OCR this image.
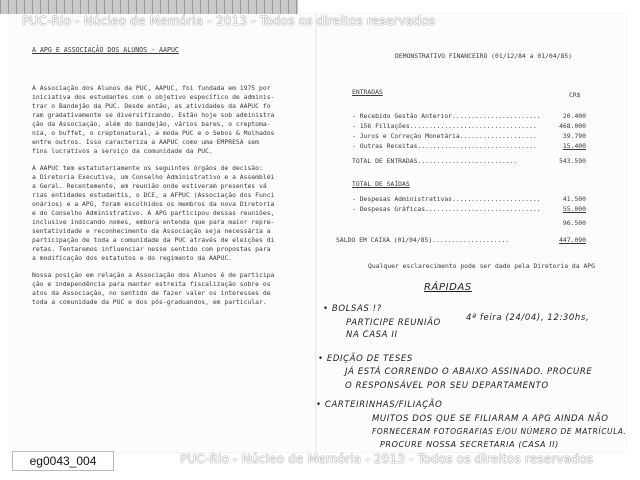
PUC-Rio - Núcleo de Memória - 2013 - Todos os direitos reservados
A APG E ASSOCIAÇÃO DOS ALUNOS - AAPUC

A Associação dos Alunos da PUC, AAPUC, foi fundada em 1975 por
iniciativa dos estudantes com o objetivo específico de adminis-
trar o Bandejão da PUC. Desde então, as atividades da AAPUC fo
ram gradativamente se diversificando. Estão hoje sob administra
ção da Associação, além do bandejão, vários bares, o creptoma-
nia, o buffet, o creptonatural, a moda PUC e o Sebos & Molhados
entre outros. Isso caracteriza a AAPUC como uma EMPRESA sem
fins lucrativos a serviço da comunidade da PUC.

A AAPUC tem estatutariamente os seguintes órgãos de decisão:
a Diretoria Executiva, um Conselho Administrativo e a Assembléi
a Geral. Recentemente, em reunião onde estiveram presentes vá
rias entidades estudantis, o DCE, a AFPUC (Associação dos Funci
onários) e a APG, foram escolhidos os membros da nova Diretoria
e do Conselho Administrativo. A APG participou dessas reuniões,
inclusive indicando nomes, embora entenda que para maior repre-
sentatividade e reconhecimento da Associação seja necessária a
participação de toda a comunidade da PUC através de eleições di
retas. Tentaremos influenciar nesse sentido com propostas para
a modificação dos estatutos e do regimento da AAPUC.

Nossa posição em relação a Associação dos Alunos é de participa
ção e independência para manter estreita fiscalização sobre os
atos da Associação, no sentido de fazer valer os interesses de
toda a comunidade da PUC e dos pós-graduandos, em particular.

DEMONSTRATIVO FINANCEIRO (01/12/84 a 01/04/85)
ENTRADAS	CR$
- Recebido Gestão Anterior.......................	20.400
- 156 Filiações.................................	468.000
- Juros e Correção Monetária....................	39.790
- Outras Receitas...............................	15.400
TOTAL DE ENTRADAS..........................	543.590
TOTAL DE SAÍDAS
- Despesas Administrativas.......................	41.500
- Despesas Gráficas..............................	55.000
96.500
SALDO EM CAIXA (01/04/85)....................	447.090
Qualquer esclarecimento pode ser dado pela Diretoria da APG
RÁPIDAS
• BOLSAS !?
PARTICIPE REUNIÃO	4ª feira (24/04), 12:30hs,
NA CASA II
• EDIÇÃO DE TESES
JÁ ESTÁ CORRENDO O ABAIXO ASSINADO. PROCURE
O RESPONSÁVEL POR SEU DEPARTAMENTO
• CARTEIRINHAS/FILIAÇÃO
MUITOS DOS QUE SE FILIARAM A APG AINDA NÃO
FORNECERAM FOTOGRAFIAS E/OU NÚMERO DE MATRÍCULA.
PROCURE NOSSA SECRETARIA (CASA II)
eg0043_004	PUC-Rio - Núcleo de Memória - 2013 - Todos os direitos reservados
